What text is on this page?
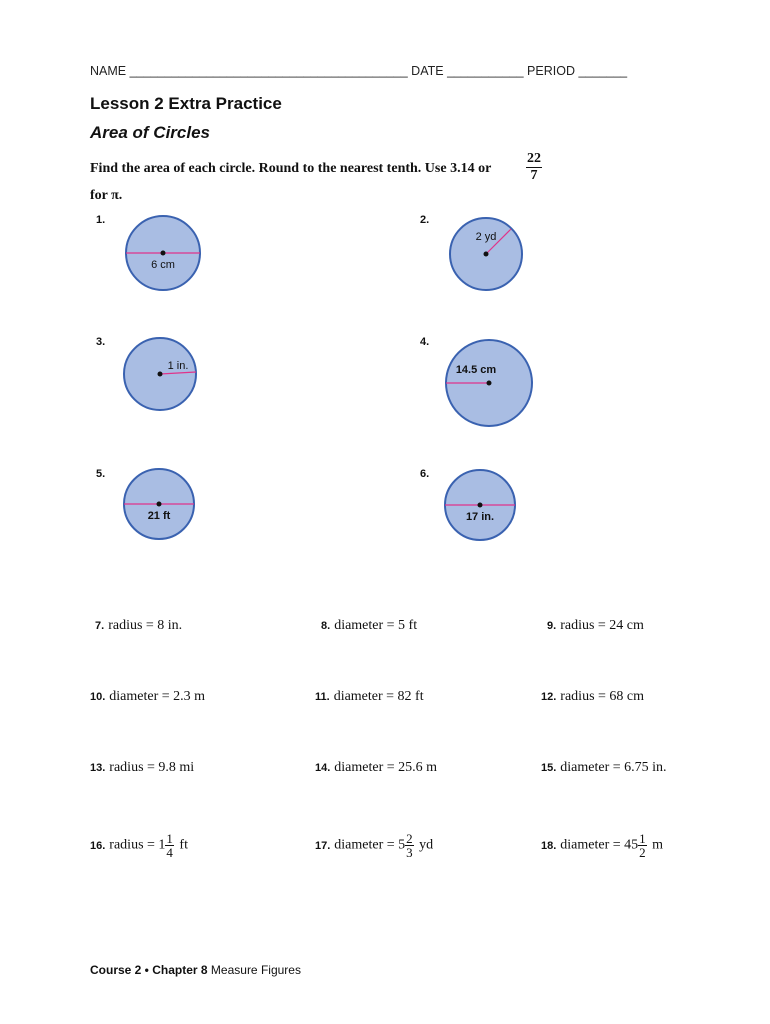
NAME ________________________________________ DATE ___________ PERIOD _______
Lesson 2 Extra Practice
Area of Circles
Find the area of each circle. Round to the nearest tenth. Use 3.14 or $\frac{22}{7}$
for π.
1.	2.
3.	4.
5.	6.
6 cm
2 yd
1 in.	14.5 cm
21 ft	17 in.
7. radius = 8 in.	8. diameter = 5 ft	9. radius = 24 cm
10. diameter = 2.3 m	11. diameter = 82 ft	12. radius = 68 cm
13. radius = 9.8 mi	14. diameter = 25.6 m	15. diameter = 6.75 in.
16. radius = $1 \frac{1}{4}$ ft	17. diameter = $5 \frac{2}{3}$ yd	18. diameter = $45 \frac{1}{2}$ m
Course 2 • Chapter 8 Measure Figures
